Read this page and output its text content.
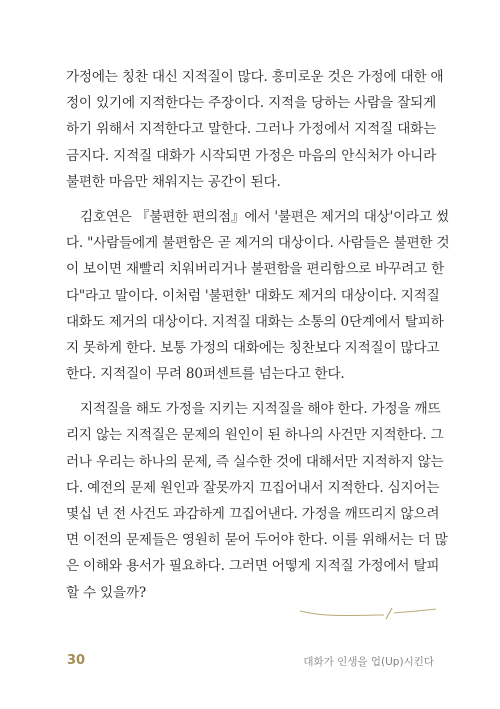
가정에는 칭찬 대신 지적질이 많다. 흥미로운 것은 가정에 대한 애
정이 있기에 지적한다는 주장이다. 지적을 당하는 사람을 잘되게
하기 위해서 지적한다고 말한다. 그러나 가정에서 지적질 대화는
금지다. 지적질 대화가 시작되면 가정은 마음의 안식처가 아니라
불편한 마음만 채워지는 공간이 된다.

김호연은 『불편한 편의점』에서 '불편은 제거의 대상'이라고 썼
다. "사람들에게 불편함은 곧 제거의 대상이다. 사람들은 불편한 것
이 보이면 재빨리 치워버리거나 불편함을 편리함으로 바꾸려고 한
다"라고 말이다. 이처럼 '불편한' 대화도 제거의 대상이다. 지적질
대화도 제거의 대상이다. 지적질 대화는 소통의 0단계에서 탈피하
지 못하게 한다. 보통 가정의 대화에는 칭찬보다 지적질이 많다고
한다. 지적질이 무려 80퍼센트를 넘는다고 한다.

지적질을 해도 가정을 지키는 지적질을 해야 한다. 가정을 깨뜨
리지 않는 지적질은 문제의 원인이 된 하나의 사건만 지적한다. 그
러나 우리는 하나의 문제, 즉 실수한 것에 대해서만 지적하지 않는
다. 예전의 문제 원인과 잘못까지 끄집어내서 지적한다. 심지어는
몇십 년 전 사건도 과감하게 끄집어낸다. 가정을 깨뜨리지 않으려
면 이전의 문제들은 영원히 묻어 두어야 한다. 이를 위해서는 더 많
은 이해와 용서가 필요하다. 그러면 어떻게 지적질 가정에서 탈피
할 수 있을까?

30	대화가 인생을 업(Up)시킨다
